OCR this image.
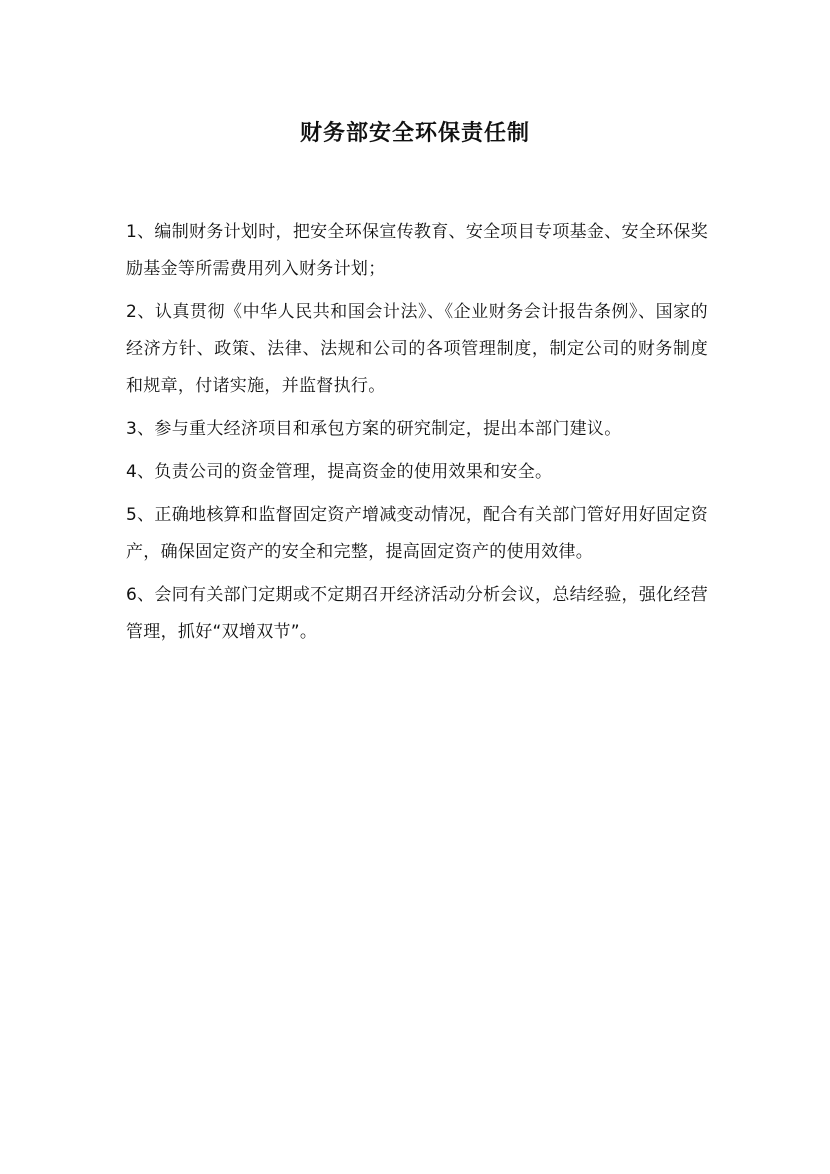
财务部安全环保责任制

1、编制财务计划时，把安全环保宣传教育、安全项目专项基金、安全环保奖励基金等所需费用列入财务计划；

2、认真贯彻《中华人民共和国会计法》、《企业财务会计报告条例》、国家的经济方针、政策、法律、法规和公司的各项管理制度，制定公司的财务制度和规章，付诸实施，并监督执行。

3、参与重大经济项目和承包方案的研究制定，提出本部门建议。

4、负责公司的资金管理，提高资金的使用效果和安全。

5、正确地核算和监督固定资产增减变动情况，配合有关部门管好用好固定资产，确保固定资产的安全和完整，提高固定资产的使用效律。

6、会同有关部门定期或不定期召开经济活动分析会议，总结经验，强化经营管理，抓好“双增双节”。
